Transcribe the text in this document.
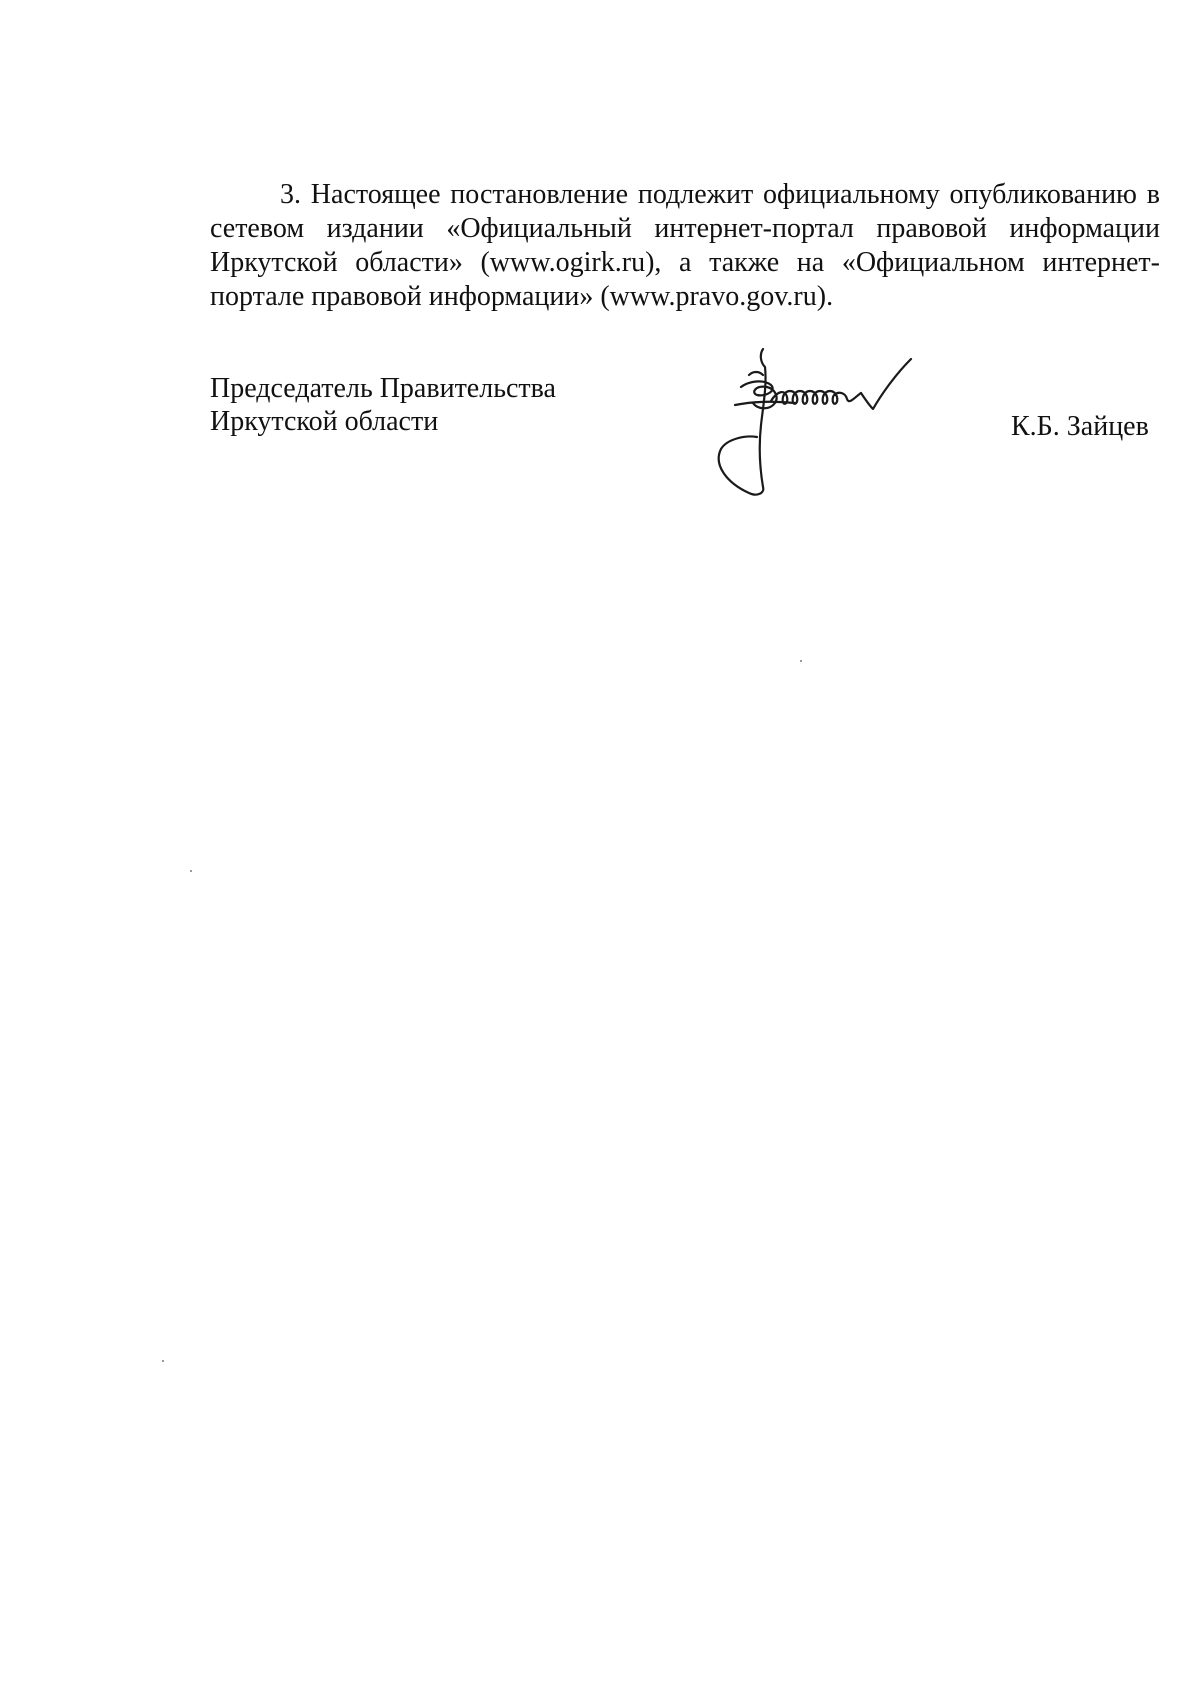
3. Настоящее постановление подлежит официальному опубликованию в сетевом издании «Официальный интернет-портал правовой информации Иркутской области» (www.ogirk.ru), а также на «Официальном интернет-портале правовой информации» (www.pravo.gov.ru).

Председатель Правительства
Иркутской области	К.Б. Зайцев
